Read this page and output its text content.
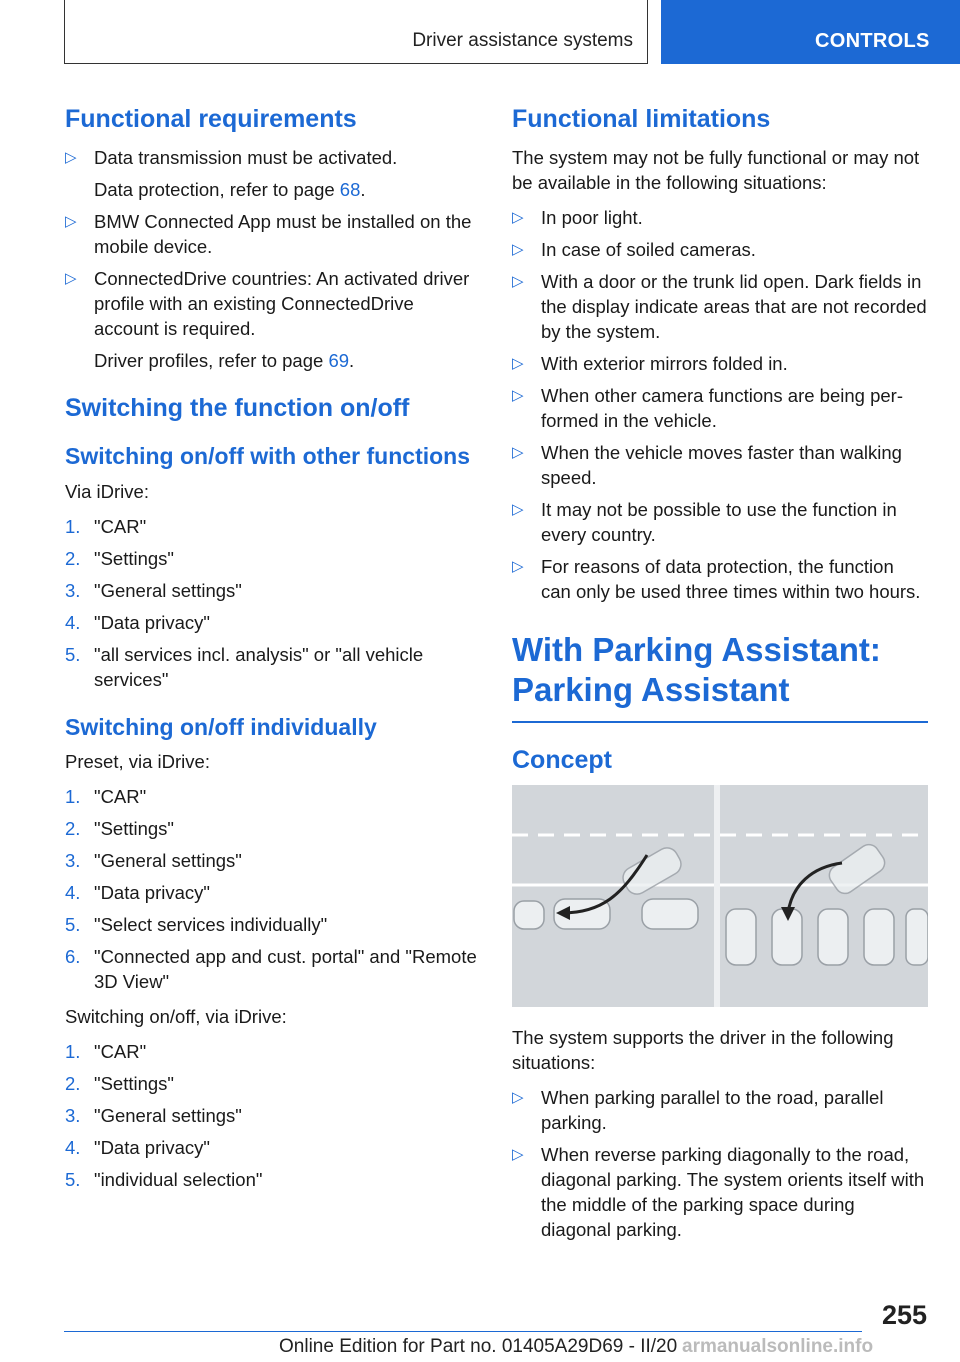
Driver assistance systems	CONTROLS
Functional requirements
▷ Data transmission must be activated.
Data protection, refer to page 68.
▷ BMW Connected App must be installed on the mobile device.
▷ ConnectedDrive countries: An activated driver profile with an existing ConnectedDrive account is required.
Driver profiles, refer to page 69.
Switching the function on/off
Switching on/off with other functions

Via iDrive:

1. "CAR"
2. "Settings"
3. "General settings"
4. "Data privacy"
5. "all services incl. analysis" or "all vehicle services"
Switching on/off individually

Preset, via iDrive:

1. "CAR"
2. "Settings"
3. "General settings"
4. "Data privacy"
5. "Select services individually"
6. "Connected app and cust. portal" and "Remote 3D View"

Switching on/off, via iDrive:

1. "CAR"
2. "Settings"
3. "General settings"
4. "Data privacy"
5. "individual selection"
Functional limitations

The system may not be fully functional or may not be available in the following situations:

▷ In poor light.
▷ In case of soiled cameras.
▷ With a door or the trunk lid open. Dark fields in the display indicate areas that are not recorded by the system.
▷ With exterior mirrors folded in.
▷ When other camera functions are being performed in the vehicle.
▷ When the vehicle moves faster than walking speed.
▷ It may not be possible to use the function in every country.
▷ For reasons of data protection, the function can only be used three times within two hours.
With Parking Assistant: Parking Assistant
Concept

The system supports the driver in the following situations:

▷ When parking parallel to the road, parallel parking.
▷ When reverse parking diagonally to the road, diagonal parking. The system orients itself with the middle of the parking space during diagonal parking.
255
Online Edition for Part no. 01405A29D69 - II/20 armanualsonline.info
